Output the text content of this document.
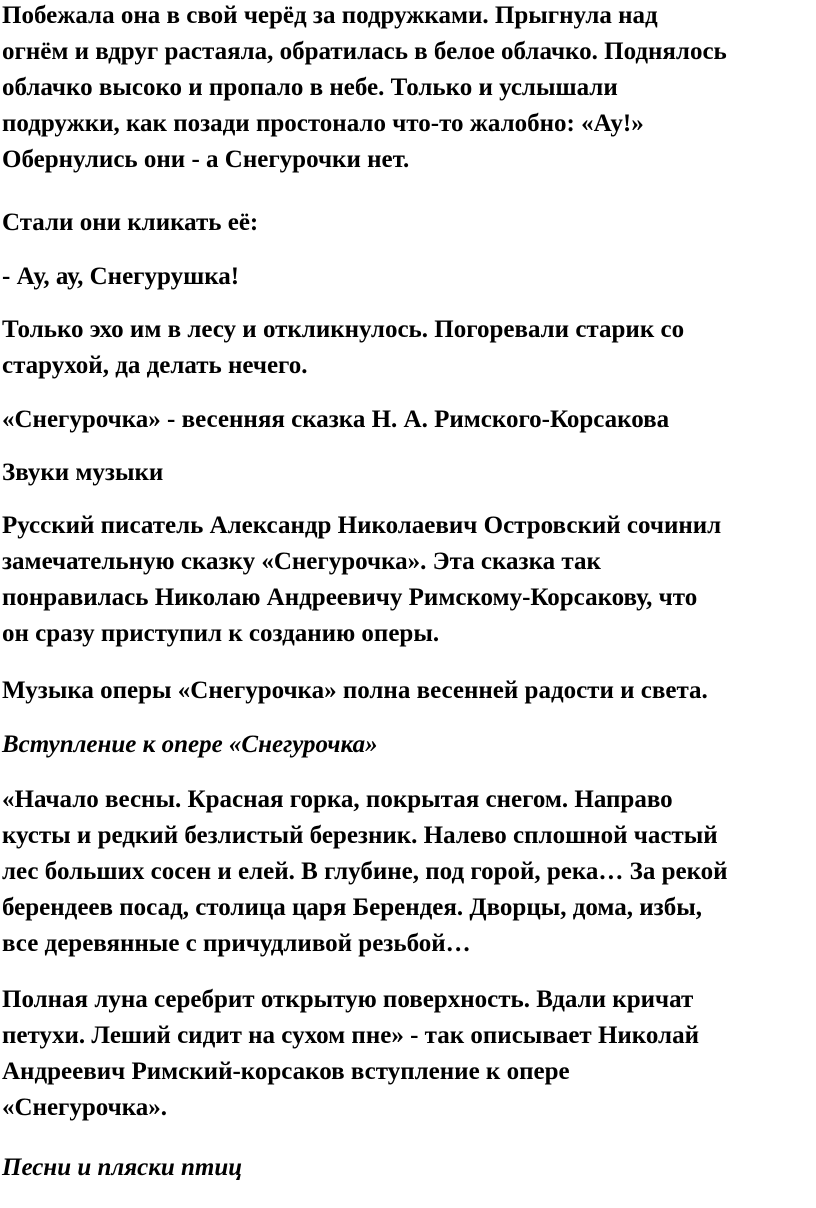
Побежала она в свой черёд за подружками. Прыгнула над
огнём и вдруг растаяла, обратилась в белое облачко. Поднялось
облачко высоко и пропало в небе. Только и услышали
подружки, как позади простонало что-то жалобно: «Ау!»
Обернулись они - а Снегурочки нет.

Стали они кликать её:

- Ау, ау, Снегурушка!

Только эхо им в лесу и откликнулось. Погоревали старик со
старухой, да делать нечего.

«Снегурочка» - весенняя сказка Н. А. Римского-Корсакова

Звуки музыки

Русский писатель Александр Николаевич Островский сочинил
замечательную сказку «Снегурочка». Эта сказка так
понравилась Николаю Андреевичу Римскому-Корсакову, что
он сразу приступил к созданию оперы.

Музыка оперы «Снегурочка» полна весенней радости и света.

Вступление к опере «Снегурочка»

«Начало весны. Красная горка, покрытая снегом. Направо
кусты и редкий безлистый березник. Налево сплошной частый
лес больших сосен и елей. В глубине, под горой, река… За рекой
берендеев посад, столица царя Берендея. Дворцы, дома, избы,
все деревянные с причудливой резьбой…

Полная луна серебрит открытую поверхность. Вдали кричат
петухи. Леший сидит на сухом пне» - так описывает Николай
Андреевич Римский-корсаков вступление к опере
«Снегурочка».

Песни и пляски птиц
